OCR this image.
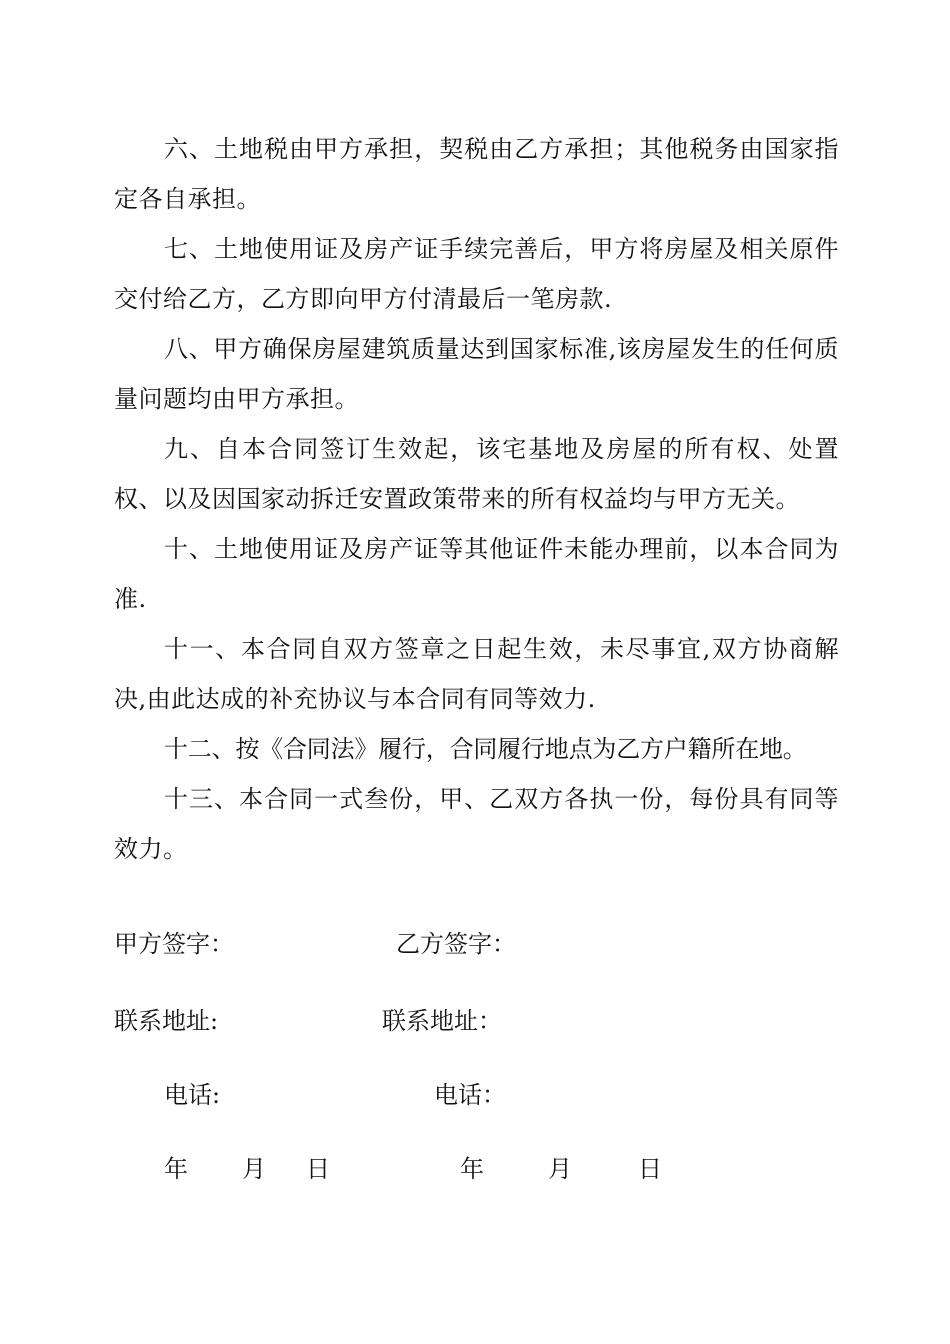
六、土地税由甲方承担，契税由乙方承担；其他税务由国家指定各自承担。

七、土地使用证及房产证手续完善后，甲方将房屋及相关原件交付给乙方，乙方即向甲方付清最后一笔房款.

八、甲方确保房屋建筑质量达到国家标准,该房屋发生的任何质量问题均由甲方承担。

九、自本合同签订生效起，该宅基地及房屋的所有权、处置权、以及因国家动拆迁安置政策带来的所有权益均与甲方无关。

十、土地使用证及房产证等其他证件未能办理前，以本合同为准.

十一、本合同自双方签章之日起生效，未尽事宜,双方协商解决,由此达成的补充协议与本合同有同等效力.

十二、按《合同法》履行，合同履行地点为乙方户籍所在地。

十三、本合同一式叁份，甲、乙双方各执一份，每份具有同等效力。

甲方签字：	乙方签字：
联系地址:	联系地址：
电话:	电话：
年 月 日	年	月	日
